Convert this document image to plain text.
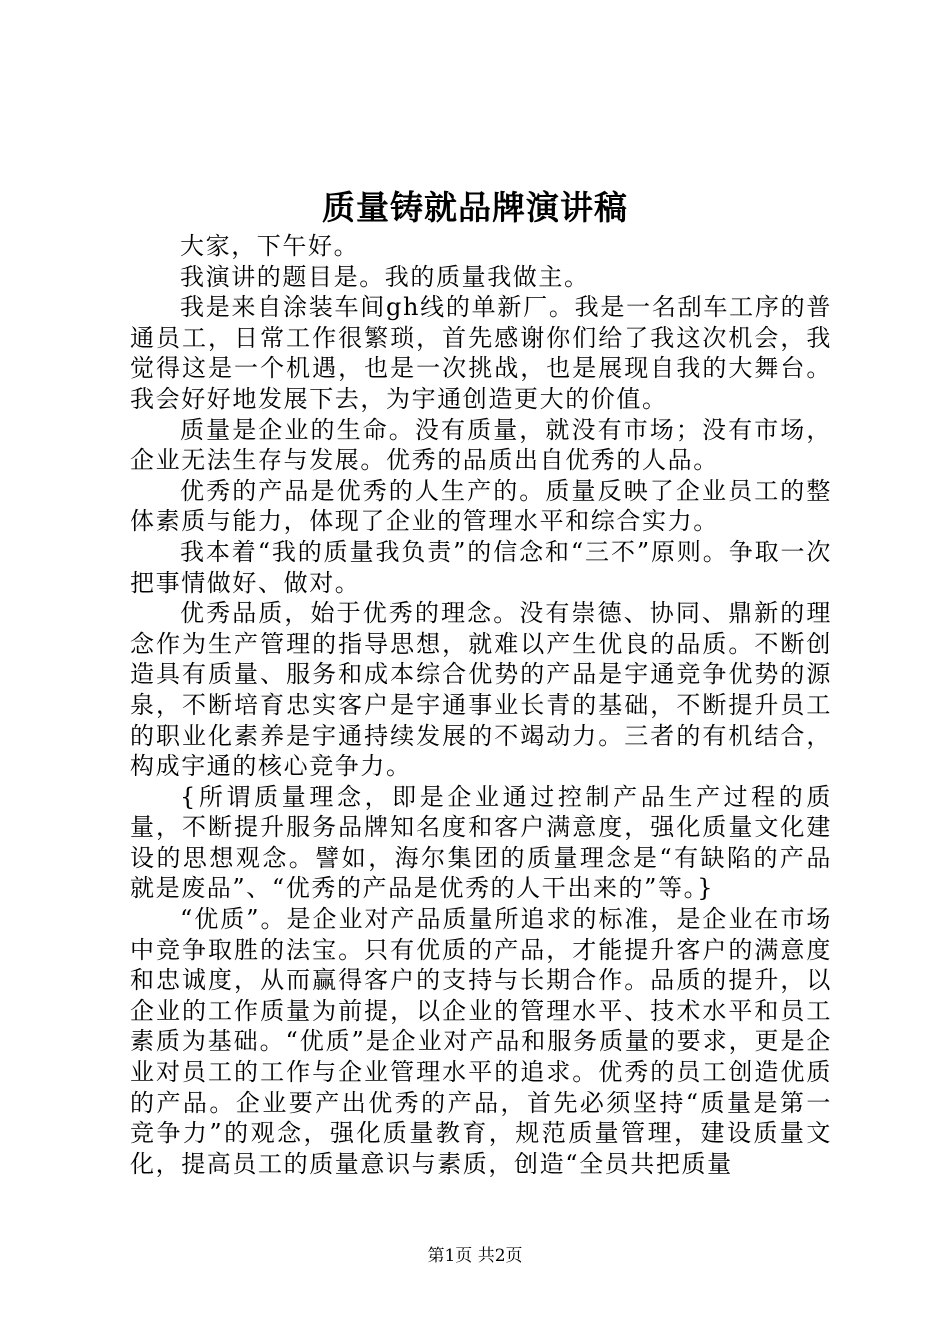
质量铸就品牌演讲稿

大家，下午好。

我演讲的题目是。我的质量我做主。

我是来自涂装车间gh线的单新厂。我是一名刮车工序的普通员工，日常工作很繁琐，首先感谢你们给了我这次机会，我觉得这是一个机遇，也是一次挑战，也是展现自我的大舞台。我会好好地发展下去，为宇通创造更大的价值。

质量是企业的生命。没有质量，就没有市场；没有市场，企业无法生存与发展。优秀的品质出自优秀的人品。

优秀的产品是优秀的人生产的。质量反映了企业员工的整体素质与能力，体现了企业的管理水平和综合实力。

我本着“我的质量我负责”的信念和“三不”原则。争取一次把事情做好、做对。

优秀品质，始于优秀的理念。没有崇德、协同、鼎新的理念作为生产管理的指导思想，就难以产生优良的品质。不断创造具有质量、服务和成本综合优势的产品是宇通竞争优势的源泉，不断培育忠实客户是宇通事业长青的基础，不断提升员工的职业化素养是宇通持续发展的不竭动力。三者的有机结合，构成宇通的核心竞争力。

{所谓质量理念，即是企业通过控制产品生产过程的质量，不断提升服务品牌知名度和客户满意度，强化质量文化建设的思想观念。譬如，海尔集团的质量理念是“有缺陷的产品就是废品”、“优秀的产品是优秀的人干出来的”等。}

“优质”。是企业对产品质量所追求的标准，是企业在市场中竞争取胜的法宝。只有优质的产品，才能提升客户的满意度和忠诚度，从而赢得客户的支持与长期合作。品质的提升，以企业的工作质量为前提，以企业的管理水平、技术水平和员工素质为基础。“优质”是企业对产品和服务质量的要求，更是企业对员工的工作与企业管理水平的追求。优秀的员工创造优质的产品。企业要产出优秀的产品，首先必须坚持“质量是第一竞争力”的观念，强化质量教育，规范质量管理，建设质量文化，提高员工的质量意识与素质，创造“全员共把质量

第1页 共2页
